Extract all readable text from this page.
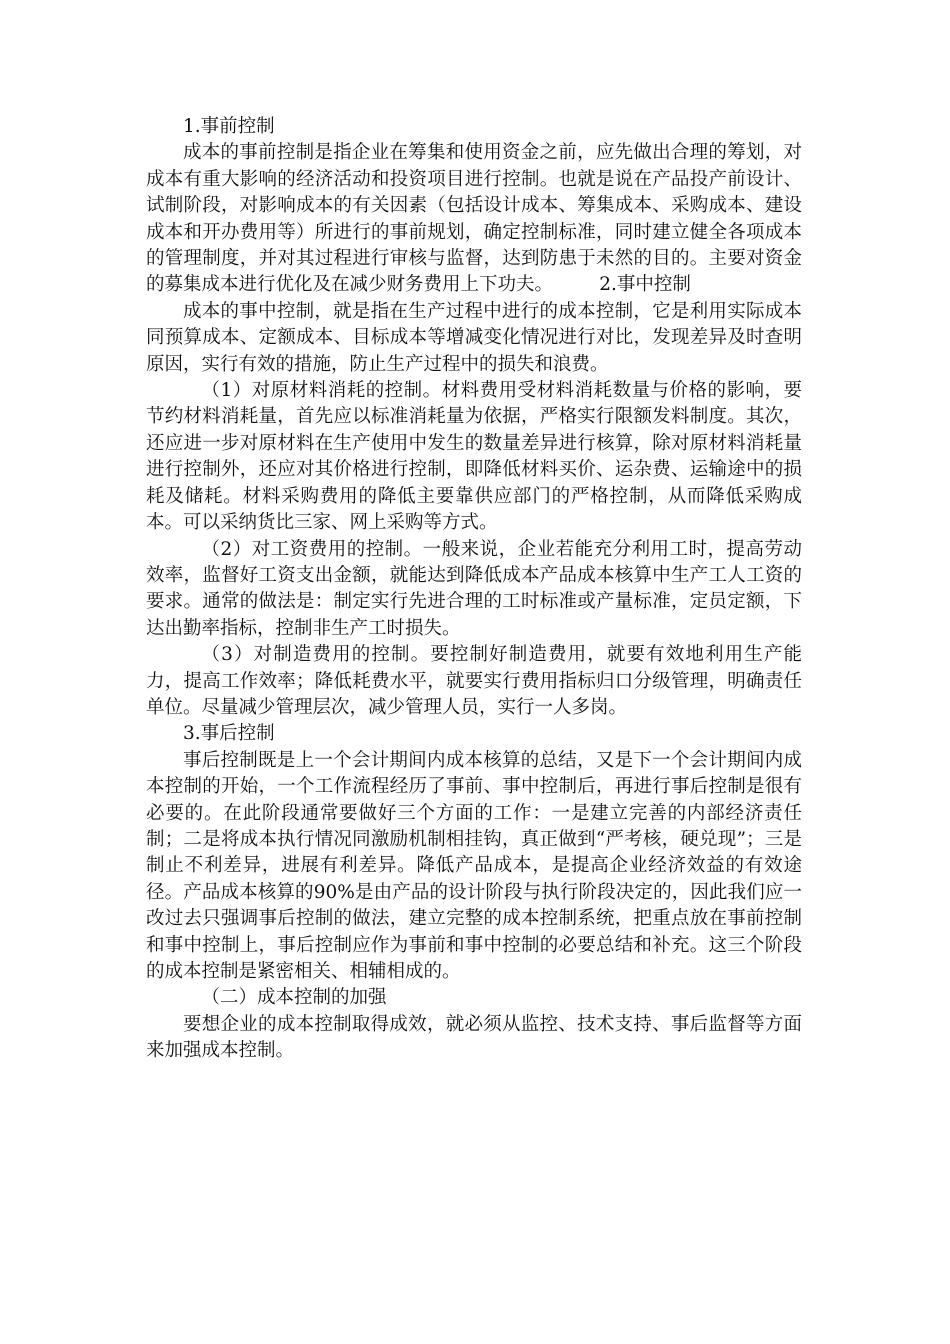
1.事前控制

成本的事前控制是指企业在筹集和使用资金之前，应先做出合理的筹划，对成本有重大影响的经济活动和投资项目进行控制。也就是说在产品投产前设计、试制阶段，对影响成本的有关因素（包括设计成本、筹集成本、采购成本、建设成本和开办费用等）所进行的事前规划，确定控制标准，同时建立健全各项成本的管理制度，并对其过程进行审核与监督，达到防患于未然的目的。主要对资金的募集成本进行优化及在减少财务费用上下功夫。　　　2.事中控制

成本的事中控制，就是指在生产过程中进行的成本控制，它是利用实际成本同预算成本、定额成本、目标成本等增减变化情况进行对比，发现差异及时查明原因，实行有效的措施，防止生产过程中的损失和浪费。

（1）对原材料消耗的控制。材料费用受材料消耗数量与价格的影响，要节约材料消耗量，首先应以标准消耗量为依据，严格实行限额发料制度。其次，还应进一步对原材料在生产使用中发生的数量差异进行核算，除对原材料消耗量进行控制外，还应对其价格进行控制，即降低材料买价、运杂费、运输途中的损耗及储耗。材料采购费用的降低主要靠供应部门的严格控制，从而降低采购成本。可以采纳货比三家、网上采购等方式。

（2）对工资费用的控制。一般来说，企业若能充分利用工时，提高劳动效率，监督好工资支出金额，就能达到降低成本产品成本核算中生产工人工资的要求。通常的做法是：制定实行先进合理的工时标准或产量标准，定员定额，下达出勤率指标，控制非生产工时损失。

（3）对制造费用的控制。要控制好制造费用，就要有效地利用生产能力，提高工作效率；降低耗费水平，就要实行费用指标归口分级管理，明确责任单位。尽量减少管理层次，减少管理人员，实行一人多岗。

3.事后控制

事后控制既是上一个会计期间内成本核算的总结，又是下一个会计期间内成本控制的开始，一个工作流程经历了事前、事中控制后，再进行事后控制是很有必要的。在此阶段通常要做好三个方面的工作：一是建立完善的内部经济责任制；二是将成本执行情况同激励机制相挂钩，真正做到“严考核，硬兑现”；三是制止不利差异，进展有利差异。降低产品成本，是提高企业经济效益的有效途径。产品成本核算的90%是由产品的设计阶段与执行阶段决定的，因此我们应一改过去只强调事后控制的做法，建立完整的成本控制系统，把重点放在事前控制和事中控制上，事后控制应作为事前和事中控制的必要总结和补充。这三个阶段的成本控制是紧密相关、相辅相成的。

（二）成本控制的加强

要想企业的成本控制取得成效，就必须从监控、技术支持、事后监督等方面来加强成本控制。
